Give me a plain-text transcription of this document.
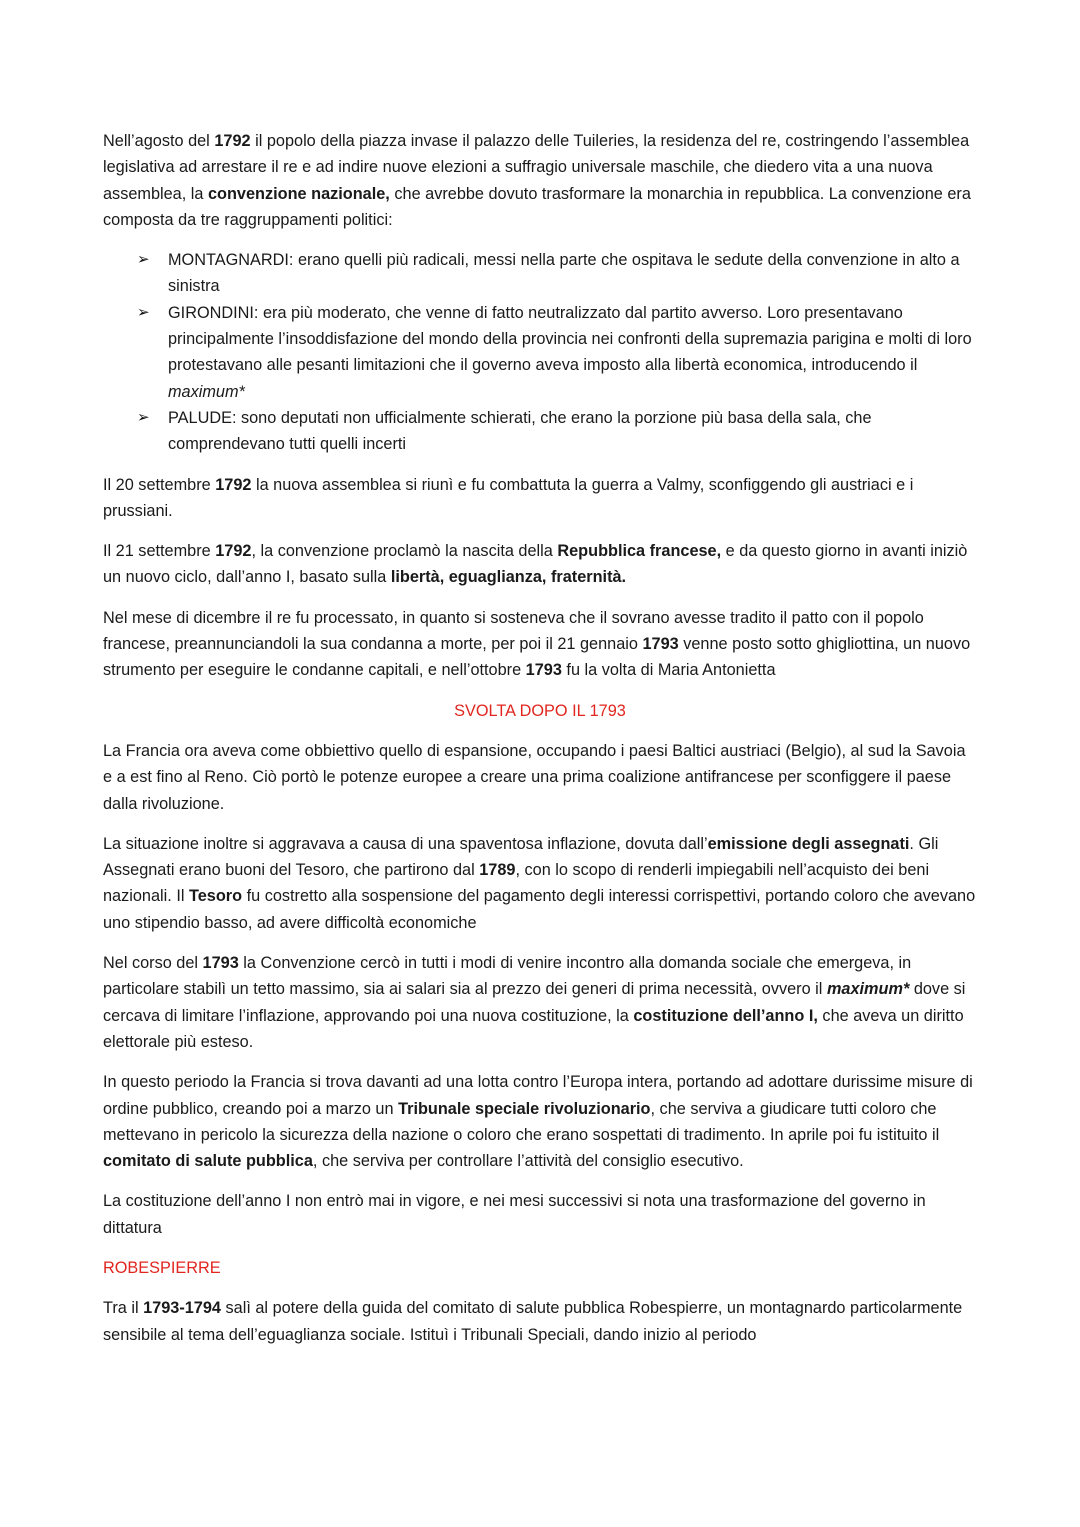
Nell’agosto del 1792 il popolo della piazza invase il palazzo delle Tuileries, la residenza del re, costringendo l’assemblea legislativa ad arrestare il re e ad indire nuove elezioni a suffragio universale maschile, che diedero vita a una nuova assemblea, la convenzione nazionale, che avrebbe dovuto trasformare la monarchia in repubblica. La convenzione era composta da tre raggruppamenti politici:

➢ MONTAGNARDI: erano quelli più radicali, messi nella parte che ospitava le sedute della convenzione in alto a sinistra
➢ GIRONDINI: era più moderato, che venne di fatto neutralizzato dal partito avverso. Loro presentavano principalmente l’insoddisfazione del mondo della provincia nei confronti della supremazia parigina e molti di loro protestavano alle pesanti limitazioni che il governo aveva imposto alla libertà economica, introducendo il maximum*
➢ PALUDE: sono deputati non ufficialmente schierati, che erano la porzione più basa della sala, che comprendevano tutti quelli incerti

Il 20 settembre 1792 la nuova assemblea si riunì e fu combattuta la guerra a Valmy, sconfiggendo gli austriaci e i prussiani.

Il 21 settembre 1792, la convenzione proclamò la nascita della Repubblica francese, e da questo giorno in avanti iniziò un nuovo ciclo, dall’anno I, basato sulla libertà, eguaglianza, fraternità.

Nel mese di dicembre il re fu processato, in quanto si sosteneva che il sovrano avesse tradito il patto con il popolo francese, preannunciandoli la sua condanna a morte, per poi il 21 gennaio 1793 venne posto sotto ghigliottina, un nuovo strumento per eseguire le condanne capitali, e nell’ottobre 1793 fu la volta di Maria Antonietta

SVOLTA DOPO IL 1793

La Francia ora aveva come obbiettivo quello di espansione, occupando i paesi Baltici austriaci (Belgio), al sud la Savoia e a est fino al Reno. Ciò portò le potenze europee a creare una prima coalizione antifrancese per sconfiggere il paese dalla rivoluzione.

La situazione inoltre si aggravava a causa di una spaventosa inflazione, dovuta dall’emissione degli assegnati. Gli Assegnati erano buoni del Tesoro, che partirono dal 1789, con lo scopo di renderli impiegabili nell’acquisto dei beni nazionali. Il Tesoro fu costretto alla sospensione del pagamento degli interessi corrispettivi, portando coloro che avevano uno stipendio basso, ad avere difficoltà economiche

Nel corso del 1793 la Convenzione cercò in tutti i modi di venire incontro alla domanda sociale che emergeva, in particolare stabilì un tetto massimo, sia ai salari sia al prezzo dei generi di prima necessità, ovvero il maximum* dove si cercava di limitare l’inflazione, approvando poi una nuova costituzione, la costituzione dell’anno I, che aveva un diritto elettorale più esteso.

In questo periodo la Francia si trova davanti ad una lotta contro l’Europa intera, portando ad adottare durissime misure di ordine pubblico, creando poi a marzo un Tribunale speciale rivoluzionario, che serviva a giudicare tutti coloro che mettevano in pericolo la sicurezza della nazione o coloro che erano sospettati di tradimento. In aprile poi fu istituito il comitato di salute pubblica, che serviva per controllare l’attività del consiglio esecutivo.

La costituzione dell’anno I non entrò mai in vigore, e nei mesi successivi si nota una trasformazione del governo in dittatura

ROBESPIERRE

Tra il 1793-1794 salì al potere della guida del comitato di salute pubblica Robespierre, un montagnardo particolarmente sensibile al tema dell’eguaglianza sociale. Istituì i Tribunali Speciali, dando inizio al periodo
